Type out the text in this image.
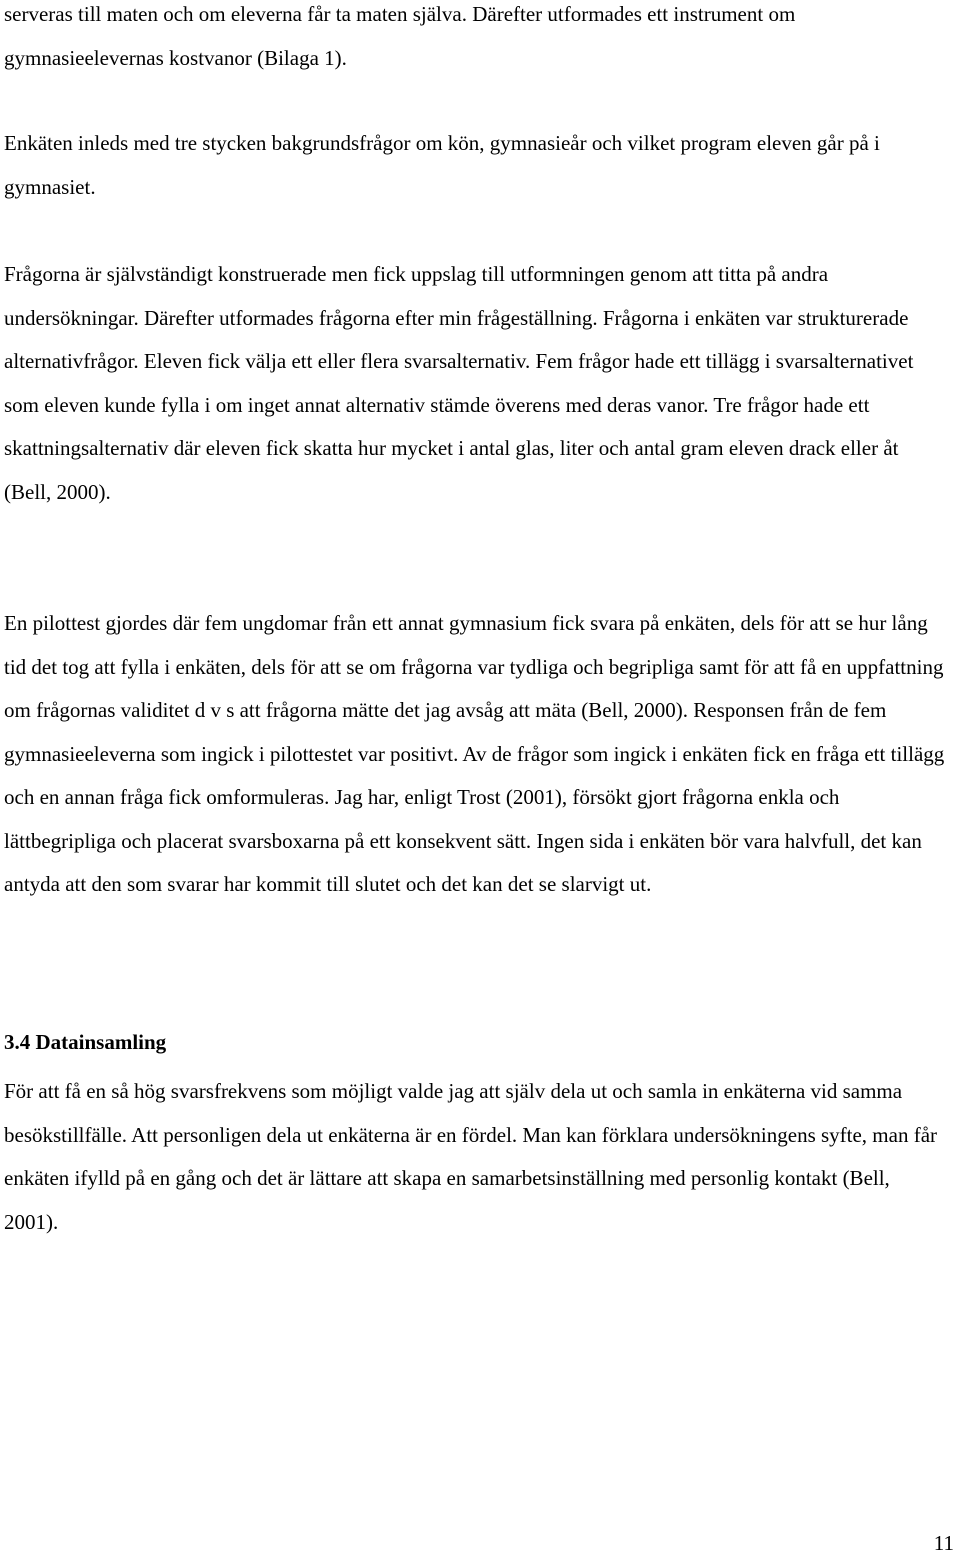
serveras till maten och om eleverna får ta maten själva. Därefter utformades ett instrument om gymnasieelevernas kostvanor (Bilaga 1).

Enkäten inleds med tre stycken bakgrundsfrågor om kön, gymnasieår och vilket program eleven går på i gymnasiet.

Frågorna är självständigt konstruerade men fick uppslag till utformningen genom att titta på andra undersökningar. Därefter utformades frågorna efter min frågeställning. Frågorna i enkäten var strukturerade alternativfrågor. Eleven fick välja ett eller flera svarsalternativ. Fem frågor hade ett tillägg i svarsalternativet som eleven kunde fylla i om inget annat alternativ stämde överens med deras vanor. Tre frågor hade ett skattningsalternativ där eleven fick skatta hur mycket i antal glas, liter och antal gram eleven drack eller åt (Bell, 2000).

En pilottest gjordes där fem ungdomar från ett annat gymnasium fick svara på enkäten, dels för att se hur lång tid det tog att fylla i enkäten, dels för att se om frågorna var tydliga och begripliga samt för att få en uppfattning om frågornas validitet d v s att frågorna mätte det jag avsåg att mäta (Bell, 2000). Responsen från de fem gymnasieeleverna som ingick i pilottestet var positivt. Av de frågor som ingick i enkäten fick en fråga ett tillägg och en annan fråga fick omformuleras. Jag har, enligt Trost (2001), försökt gjort frågorna enkla och lättbegripliga och placerat svarsboxarna på ett konsekvent sätt. Ingen sida i enkäten bör vara halvfull, det kan antyda att den som svarar har kommit till slutet och det kan det se slarvigt ut.

3.4 Datainsamling

För att få en så hög svarsfrekvens som möjligt valde jag att själv dela ut och samla in enkäterna vid samma besökstillfälle. Att personligen dela ut enkäterna är en fördel. Man kan förklara undersökningens syfte, man får enkäten ifylld på en gång och det är lättare att skapa en samarbetsinställning med personlig kontakt (Bell, 2001).

11
